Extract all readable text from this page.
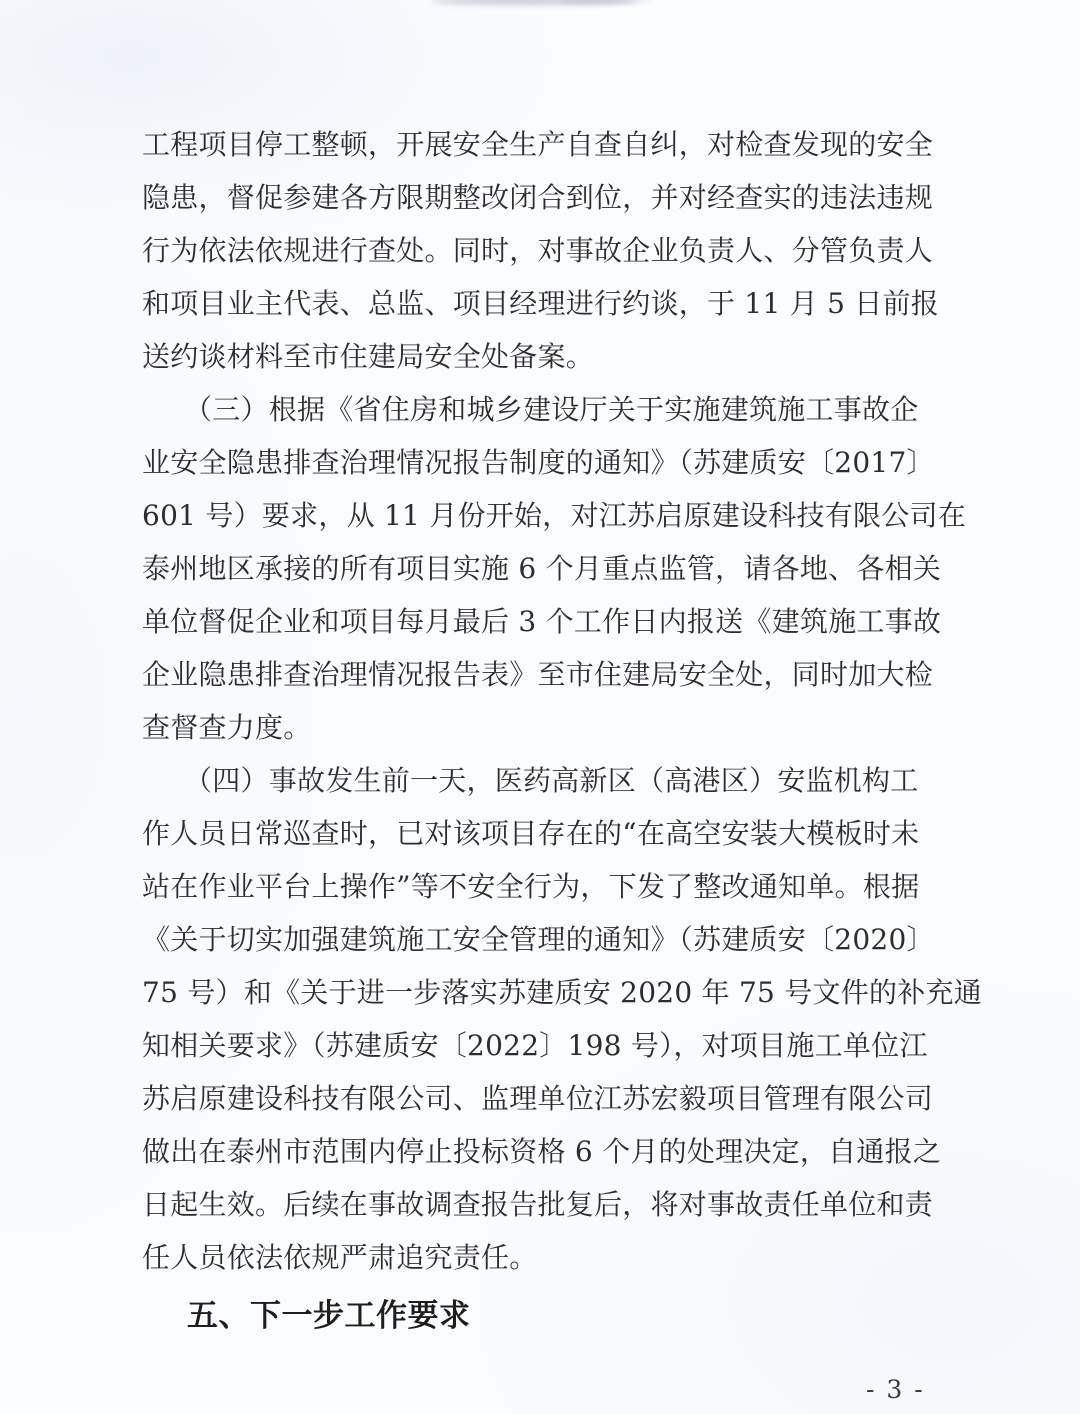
工程项目停工整顿，开展安全生产自查自纠，对检查发现的安全
隐患，督促参建各方限期整改闭合到位，并对经查实的违法违规
行为依法依规进行查处。同时，对事故企业负责人、分管负责人
和项目业主代表、总监、项目经理进行约谈，于 11 月 5 日前报
送约谈材料至市住建局安全处备案。
（三）根据《省住房和城乡建设厅关于实施建筑施工事故企
业安全隐患排查治理情况报告制度的通知》（苏建质安〔2017〕
601 号）要求，从 11 月份开始，对江苏启原建设科技有限公司在
泰州地区承接的所有项目实施 6 个月重点监管，请各地、各相关
单位督促企业和项目每月最后 3 个工作日内报送《建筑施工事故
企业隐患排查治理情况报告表》至市住建局安全处，同时加大检
查督查力度。
（四）事故发生前一天，医药高新区（高港区）安监机构工
作人员日常巡查时，已对该项目存在的“在高空安装大模板时未
站在作业平台上操作”等不安全行为，下发了整改通知单。根据
《关于切实加强建筑施工安全管理的通知》（苏建质安〔2020〕
75 号）和《关于进一步落实苏建质安 2020 年 75 号文件的补充通
知相关要求》（苏建质安〔2022〕198 号），对项目施工单位江
苏启原建设科技有限公司、监理单位江苏宏毅项目管理有限公司
做出在泰州市范围内停止投标资格 6 个月的处理决定，自通报之
日起生效。后续在事故调查报告批复后，将对事故责任单位和责
任人员依法依规严肃追究责任。
五、下一步工作要求
- 3 -
